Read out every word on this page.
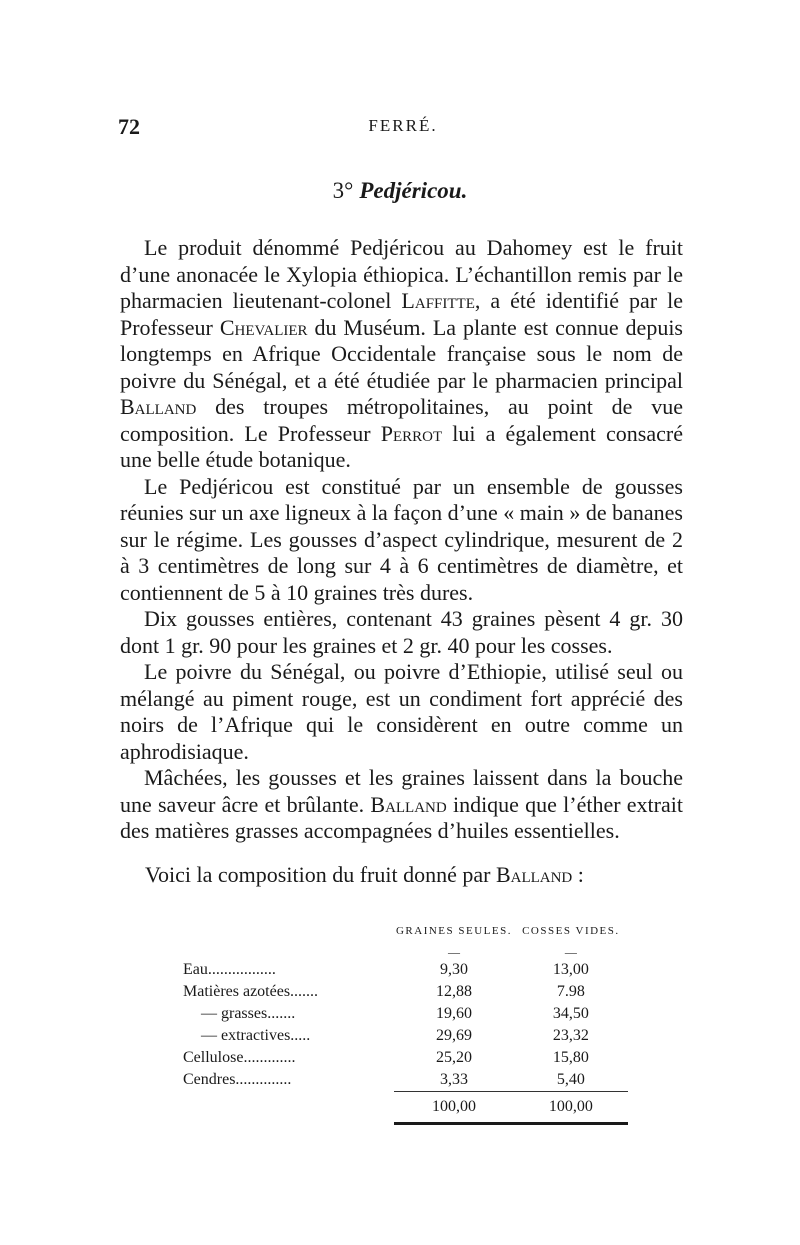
72	FERRÉ.
3° Pedjéricou.

Le produit dénommé Pedjéricou au Dahomey est le fruit d’une anonacée le Xylopia éthiopica. L’échantillon remis par le pharmacien lieutenant-colonel Laffitte, a été identifié par le Professeur Chevalier du Muséum. La plante est connue depuis longtemps en Afrique Occidentale française sous le nom de poivre du Sénégal, et a été étudiée par le pharmacien principal Balland des troupes métropolitaines, au point de vue composition. Le Professeur Perrot lui a également consacré une belle étude botanique.

Le Pedjéricou est constitué par un ensemble de gousses réunies sur un axe ligneux à la façon d’une « main » de bananes sur le régime. Les gousses d’aspect cylindrique, mesurent de 2 à 3 centimètres de long sur 4 à 6 centimètres de diamètre, et contiennent de 5 à 10 graines très dures.

Dix gousses entières, contenant 43 graines pèsent 4 gr. 30 dont 1 gr. 90 pour les graines et 2 gr. 40 pour les cosses.

Le poivre du Sénégal, ou poivre d’Ethiopie, utilisé seul ou mélangé au piment rouge, est un condiment fort apprécié des noirs de l’Afrique qui le considèrent en outre comme un aphrodisiaque.

Mâchées, les gousses et les graines laissent dans la bouche une saveur âcre et brûlante. Balland indique que l’éther extrait des matières grasses accompagnées d’huiles essentielles.

Voici la composition du fruit donné par Balland :
	GRAINES SEULES.	COSSES VIDES.
	—	—
Eau.................	9,30	13,00
Matières azotées.......	12,88	7.98
— grasses.......	19,60	34,50
— extractives.....	29,69	23,32
Cellulose.............	25,20	15,80
Cendres..............	3,33	5,40
	100,00	100,00
